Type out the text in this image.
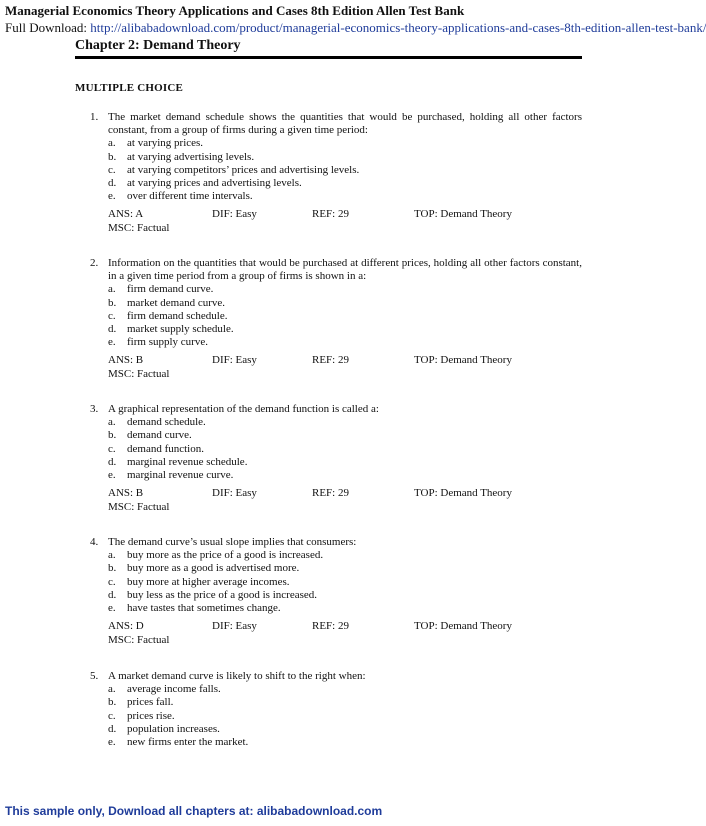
Managerial Economics Theory Applications and Cases 8th Edition Allen Test Bank
Full Download: http://alibabadownload.com/product/managerial-economics-theory-applications-and-cases-8th-edition-allen-test-bank/
Chapter 2: Demand Theory
MULTIPLE CHOICE
1. The market demand schedule shows the quantities that would be purchased, holding all other factors constant, from a group of firms during a given time period:
a.	at varying prices.
b. at varying advertising levels.
c.	at varying competitors’ prices and advertising levels.
d. at varying prices and advertising levels.
e.	over different time intervals.
ANS: A	DIF: Easy	REF: 29	TOP: Demand Theory
MSC: Factual
2. Information on the quantities that would be purchased at different prices, holding all other factors constant, in a given time period from a group of firms is shown in a:
a.	firm demand curve.
b. market demand curve.
c.	firm demand schedule.
d. market supply schedule.
e.	firm supply curve.
ANS: B	DIF: Easy	REF: 29	TOP: Demand Theory
MSC: Factual
3. A graphical representation of the demand function is called a:
a.	demand schedule.
b. demand curve.
c.	demand function.
d. marginal revenue schedule.
e.	marginal revenue curve.
ANS: B	DIF: Easy	REF: 29	TOP: Demand Theory
MSC: Factual
4. The demand curve’s usual slope implies that consumers:
a.	buy more as the price of a good is increased.
b. buy more as a good is advertised more.
c.	buy more at higher average incomes.
d. buy less as the price of a good is increased.
e.	have tastes that sometimes change.
ANS: D	DIF: Easy	REF: 29	TOP: Demand Theory
MSC: Factual
5. A market demand curve is likely to shift to the right when:
a.	average income falls.
b. prices fall.
c.	prices rise.
d. population increases.
e.	new firms enter the market.
This sample only, Download all chapters at: alibabadownload.com
